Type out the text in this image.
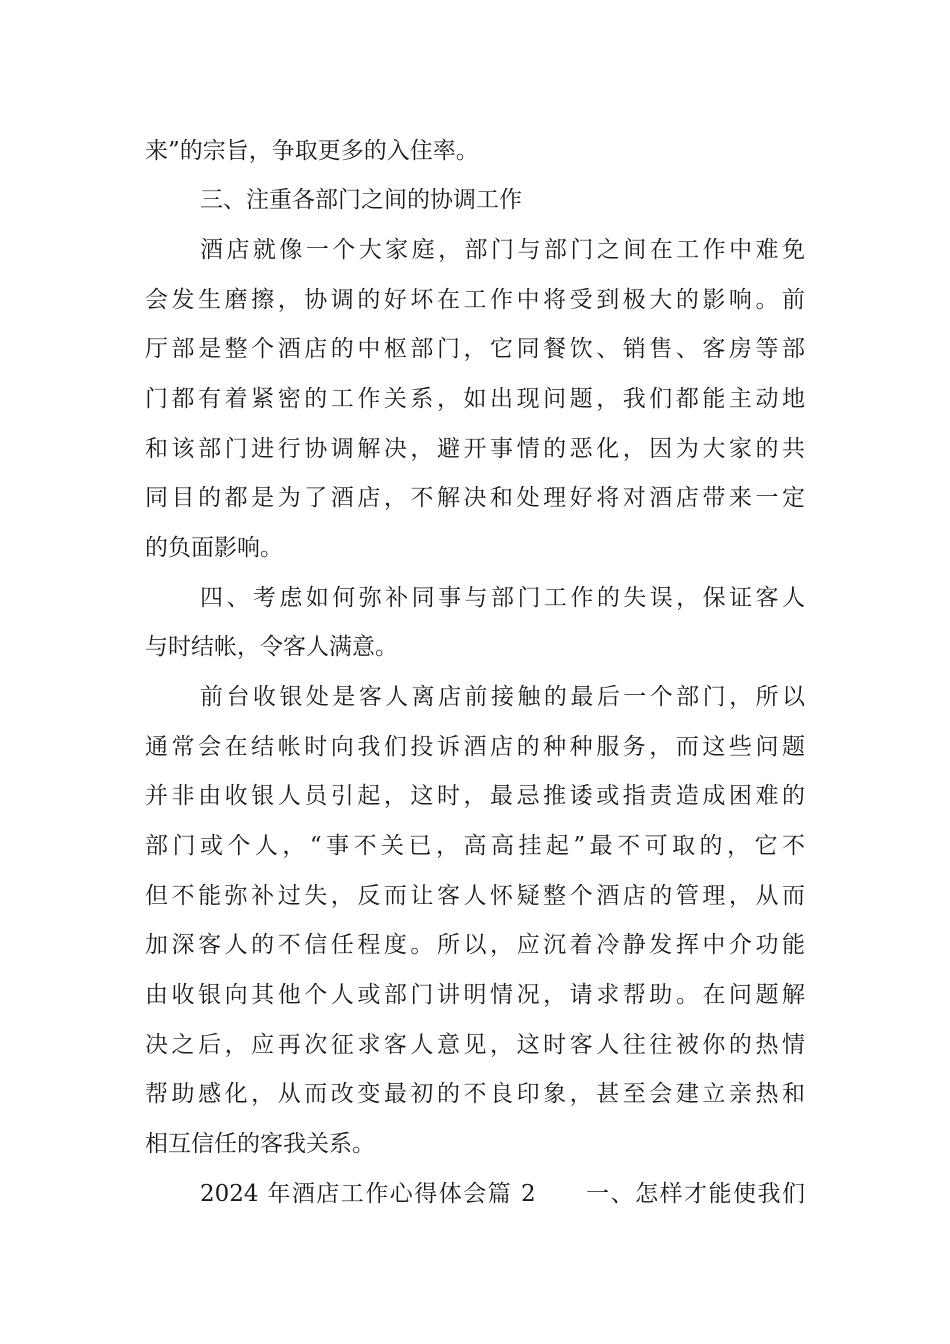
来”的宗旨，争取更多的入住率。
三、注重各部门之间的协调工作
酒店就像一个大家庭，部门与部门之间在工作中难免
会发生磨擦，协调的好坏在工作中将受到极大的影响。前
厅部是整个酒店的中枢部门，它同餐饮、销售、客房等部
门都有着紧密的工作关系，如出现问题，我们都能主动地
和该部门进行协调解决，避开事情的恶化，因为大家的共
同目的都是为了酒店，不解决和处理好将对酒店带来一定
的负面影响。
四、考虑如何弥补同事与部门工作的失误，保证客人
与时结帐，令客人满意。
前台收银处是客人离店前接触的最后一个部门，所以
通常会在结帐时向我们投诉酒店的种种服务，而这些问题
并非由收银人员引起，这时，最忌推诿或指责造成困难的
部门或个人，“事不关已，高高挂起”最不可取的，它不
但不能弥补过失，反而让客人怀疑整个酒店的管理，从而
加深客人的不信任程度。所以，应沉着冷静发挥中介功能
由收银向其他个人或部门讲明情况，请求帮助。在问题解
决之后，应再次征求客人意见，这时客人往往被你的热情
帮助感化，从而改变最初的不良印象，甚至会建立亲热和
相互信任的客我关系。
2024 年酒店工作心得体会篇 2　　一、怎样才能使我们
